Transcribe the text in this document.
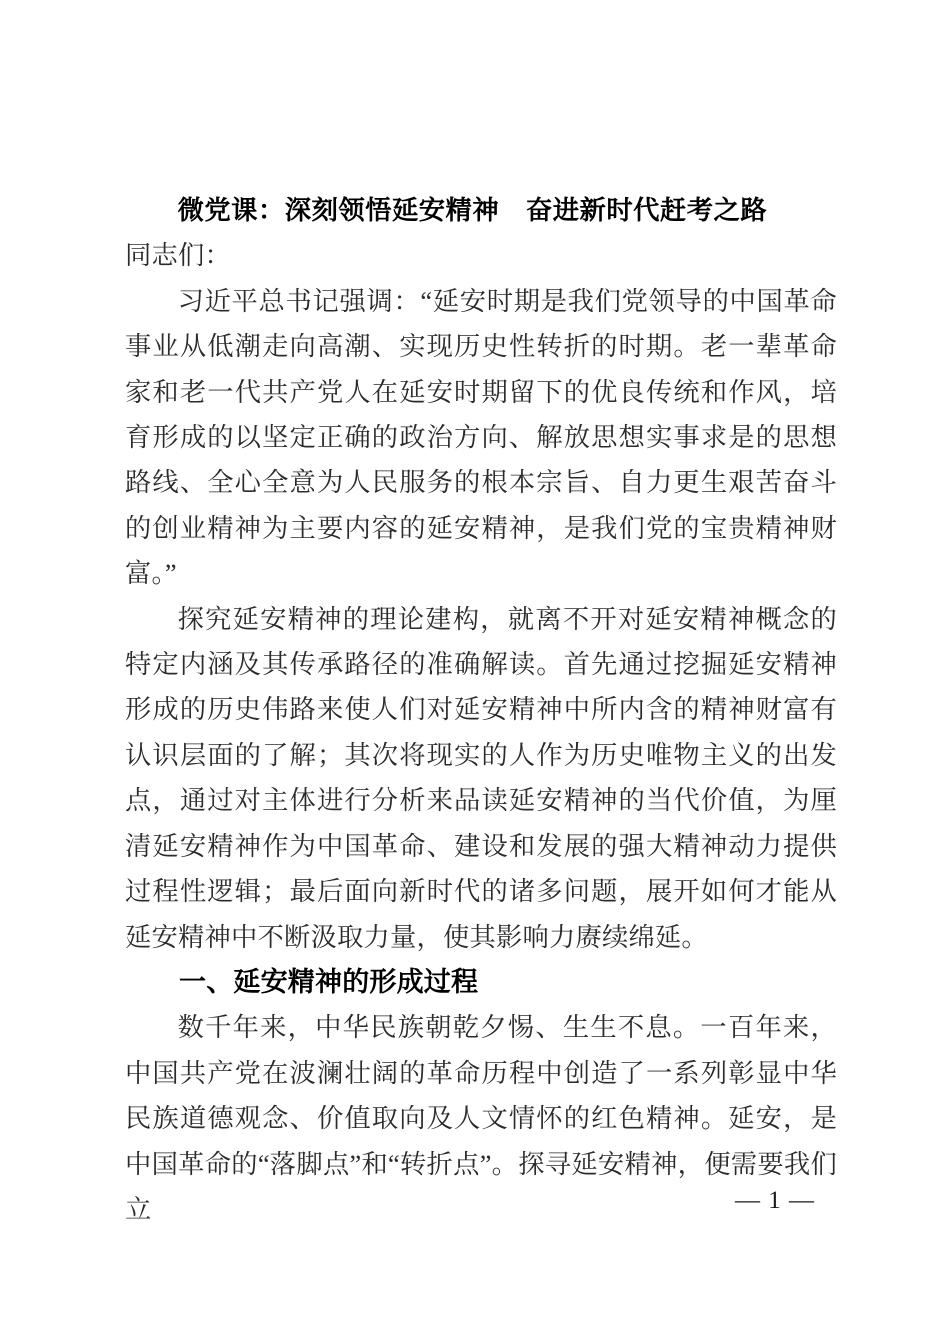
微党课：深刻领悟延安精神　奋进新时代赶考之路

同志们：

习近平总书记强调：“延安时期是我们党领导的中国革命事业从低潮走向高潮、实现历史性转折的时期。老一辈革命家和老一代共产党人在延安时期留下的优良传统和作风，培育形成的以坚定正确的政治方向、解放思想实事求是的思想路线、全心全意为人民服务的根本宗旨、自力更生艰苦奋斗的创业精神为主要内容的延安精神，是我们党的宝贵精神财富。”

探究延安精神的理论建构，就离不开对延安精神概念的特定内涵及其传承路径的准确解读。首先通过挖掘延安精神形成的历史伟路来使人们对延安精神中所内含的精神财富有认识层面的了解；其次将现实的人作为历史唯物主义的出发点，通过对主体进行分析来品读延安精神的当代价值，为厘清延安精神作为中国革命、建设和发展的强大精神动力提供过程性逻辑；最后面向新时代的诸多问题，展开如何才能从延安精神中不断汲取力量，使其影响力赓续绵延。

一、延安精神的形成过程

数千年来，中华民族朝乾夕惕、生生不息。一百年来，中国共产党在波澜壮阔的革命历程中创造了一系列彰显中华民族道德观念、价值取向及人文情怀的红色精神。延安，是中国革命的“落脚点”和“转折点”。探寻延安精神，便需要我们立	— 1 —
